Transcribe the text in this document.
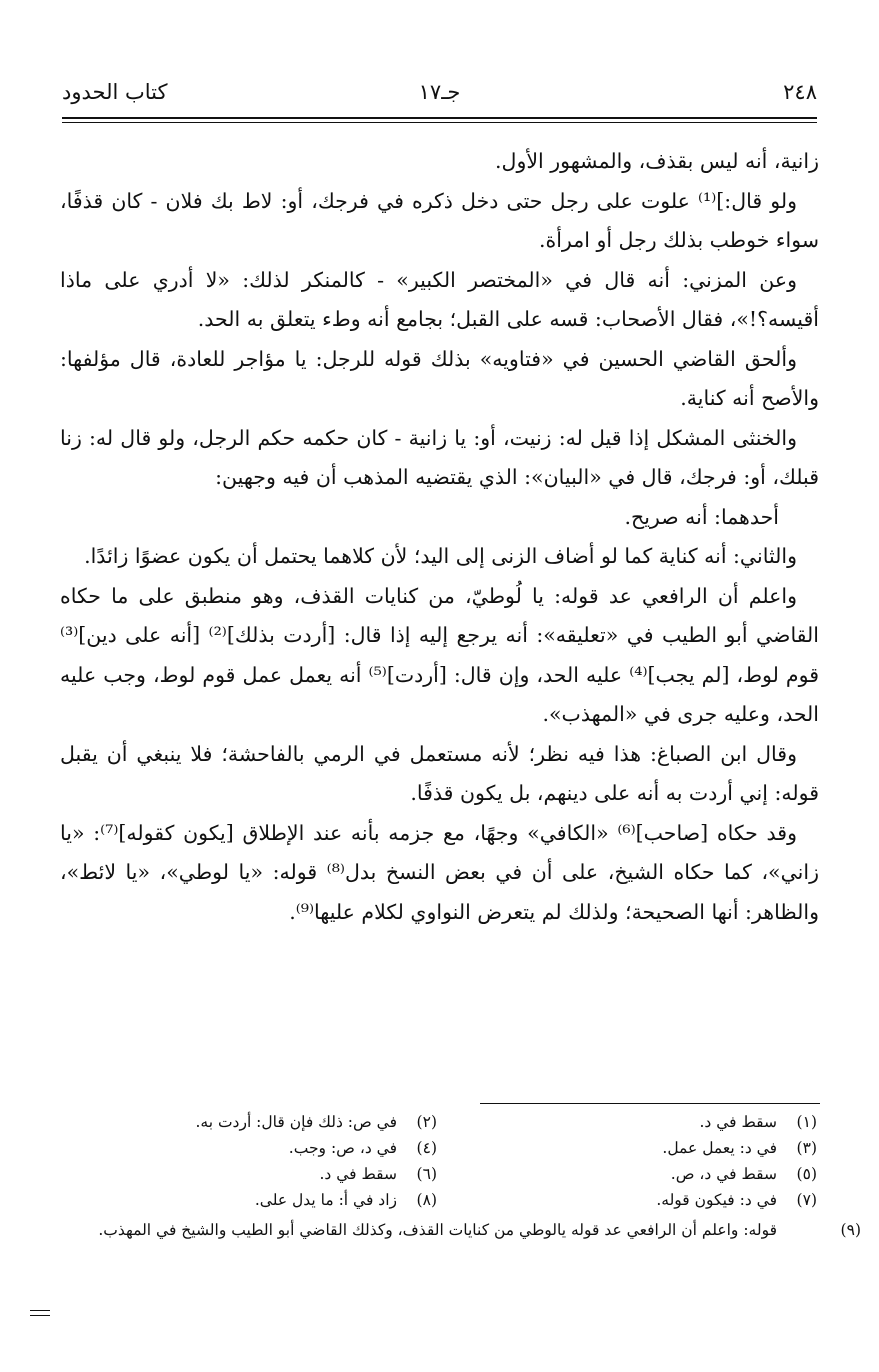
٢٤٨
جـ١٧
كتاب الحدود

زانية، أنه ليس بقذف، والمشهور الأول.

ولو قال:]⁽¹⁾ علوت على رجل حتى دخل ذكره في فرجك، أو: لاط بك فلان - كان قذفًا، سواء خوطب بذلك رجل أو امرأة.

وعن المزني: أنه قال في «المختصر الكبير» - كالمنكر لذلك: «لا أدري على ماذا أقيسه؟!»، فقال الأصحاب: قسه على القبل؛ بجامع أنه وطء يتعلق به الحد.

وألحق القاضي الحسين في «فتاويه» بذلك قوله للرجل: يا مؤاجر للعادة، قال مؤلفها: والأصح أنه كناية.

والخنثى المشكل إذا قيل له: زنيت، أو: يا زانية - كان حكمه حكم الرجل، ولو قال له: زنا قبلك، أو: فرجك، قال في «البيان»: الذي يقتضيه المذهب أن فيه وجهين:

أحدهما: أنه صريح.

والثاني: أنه كناية كما لو أضاف الزنى إلى اليد؛ لأن كلاهما يحتمل أن يكون عضوًا زائدًا.

واعلم أن الرافعي عد قوله: يا لُوطيّ، من كنايات القذف، وهو منطبق على ما حكاه القاضي أبو الطيب في «تعليقه»: أنه يرجع إليه إذا قال: [أردت بذلك]⁽²⁾ [أنه على دين]⁽³⁾ قوم لوط، [لم يجب]⁽⁴⁾ عليه الحد، وإن قال: [أردت]⁽⁵⁾ أنه يعمل عمل قوم لوط، وجب عليه الحد، وعليه جرى في «المهذب».

وقال ابن الصباغ: هذا فيه نظر؛ لأنه مستعمل في الرمي بالفاحشة؛ فلا ينبغي أن يقبل قوله: إني أردت به أنه على دينهم، بل يكون قذفًا.

وقد حكاه [صاحب]⁽⁶⁾ «الكافي» وجهًا، مع جزمه بأنه عند الإطلاق [يكون كقوله]⁽⁷⁾: «يا زاني»، كما حكاه الشيخ، على أن في بعض النسخ بدل⁽⁸⁾ قوله: «يا لوطي»، «يا لائط»، والظاهر: أنها الصحيحة؛ ولذلك لم يتعرض النواوي لكلام عليها⁽⁹⁾.

(١)سقط في د.
(٢)في ص: ذلك فإن قال: أردت به.
(٣)في د: يعمل عمل.
(٤)في د، ص: وجب.
(٥)سقط في د، ص.
(٦)سقط في د.
(٧)في د: فيكون قوله.
(٨)زاد في أ: ما يدل على.
(٩)قوله: واعلم أن الرافعي عد قوله يالوطي من كنايات القذف، وكذلك القاضي أبو الطيب والشيخ في المهذب.
